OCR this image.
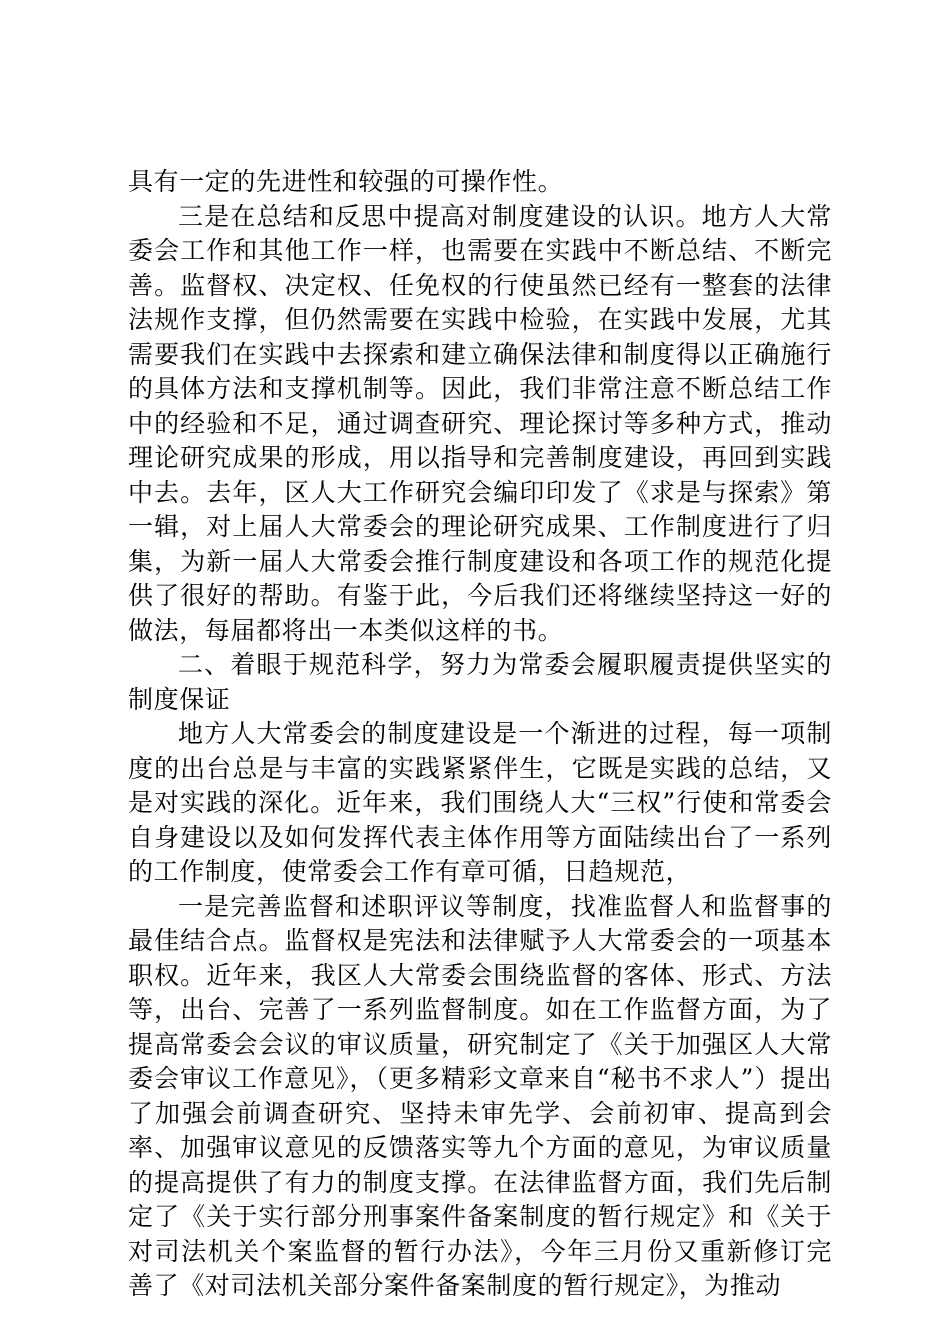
具有一定的先进性和较强的可操作性。

三是在总结和反思中提高对制度建设的认识。地方人大常委会工作和其他工作一样，也需要在实践中不断总结、不断完善。监督权、决定权、任免权的行使虽然已经有一整套的法律法规作支撑，但仍然需要在实践中检验，在实践中发展，尤其需要我们在实践中去探索和建立确保法律和制度得以正确施行的具体方法和支撑机制等。因此，我们非常注意不断总结工作中的经验和不足，通过调查研究、理论探讨等多种方式，推动理论研究成果的形成，用以指导和完善制度建设，再回到实践中去。去年，区人大工作研究会编印印发了《求是与探索》第一辑，对上届人大常委会的理论研究成果、工作制度进行了归集，为新一届人大常委会推行制度建设和各项工作的规范化提供了很好的帮助。有鉴于此，今后我们还将继续坚持这一好的做法，每届都将出一本类似这样的书。

二、着眼于规范科学，努力为常委会履职履责提供坚实的制度保证

地方人大常委会的制度建设是一个渐进的过程，每一项制度的出台总是与丰富的实践紧紧伴生，它既是实践的总结，又是对实践的深化。近年来，我们围绕人大“三权”行使和常委会自身建设以及如何发挥代表主体作用等方面陆续出台了一系列的工作制度，使常委会工作有章可循，日趋规范，

一是完善监督和述职评议等制度，找准监督人和监督事的最佳结合点。监督权是宪法和法律赋予人大常委会的一项基本职权。近年来，我区人大常委会围绕监督的客体、形式、方法等，出台、完善了一系列监督制度。如在工作监督方面，为了提高常委会会议的审议质量，研究制定了《关于加强区人大常委会审议工作意见》，（更多精彩文章来自“秘书不求人”）提出了加强会前调查研究、坚持未审先学、会前初审、提高到会率、加强审议意见的反馈落实等九个方面的意见，为审议质量的提高提供了有力的制度支撑。在法律监督方面，我们先后制定了《关于实行部分刑事案件备案制度的暂行规定》和《关于对司法机关个案监督的暂行办法》，今年三月份又重新修订完善了《对司法机关部分案件备案制度的暂行规定》，为推动
